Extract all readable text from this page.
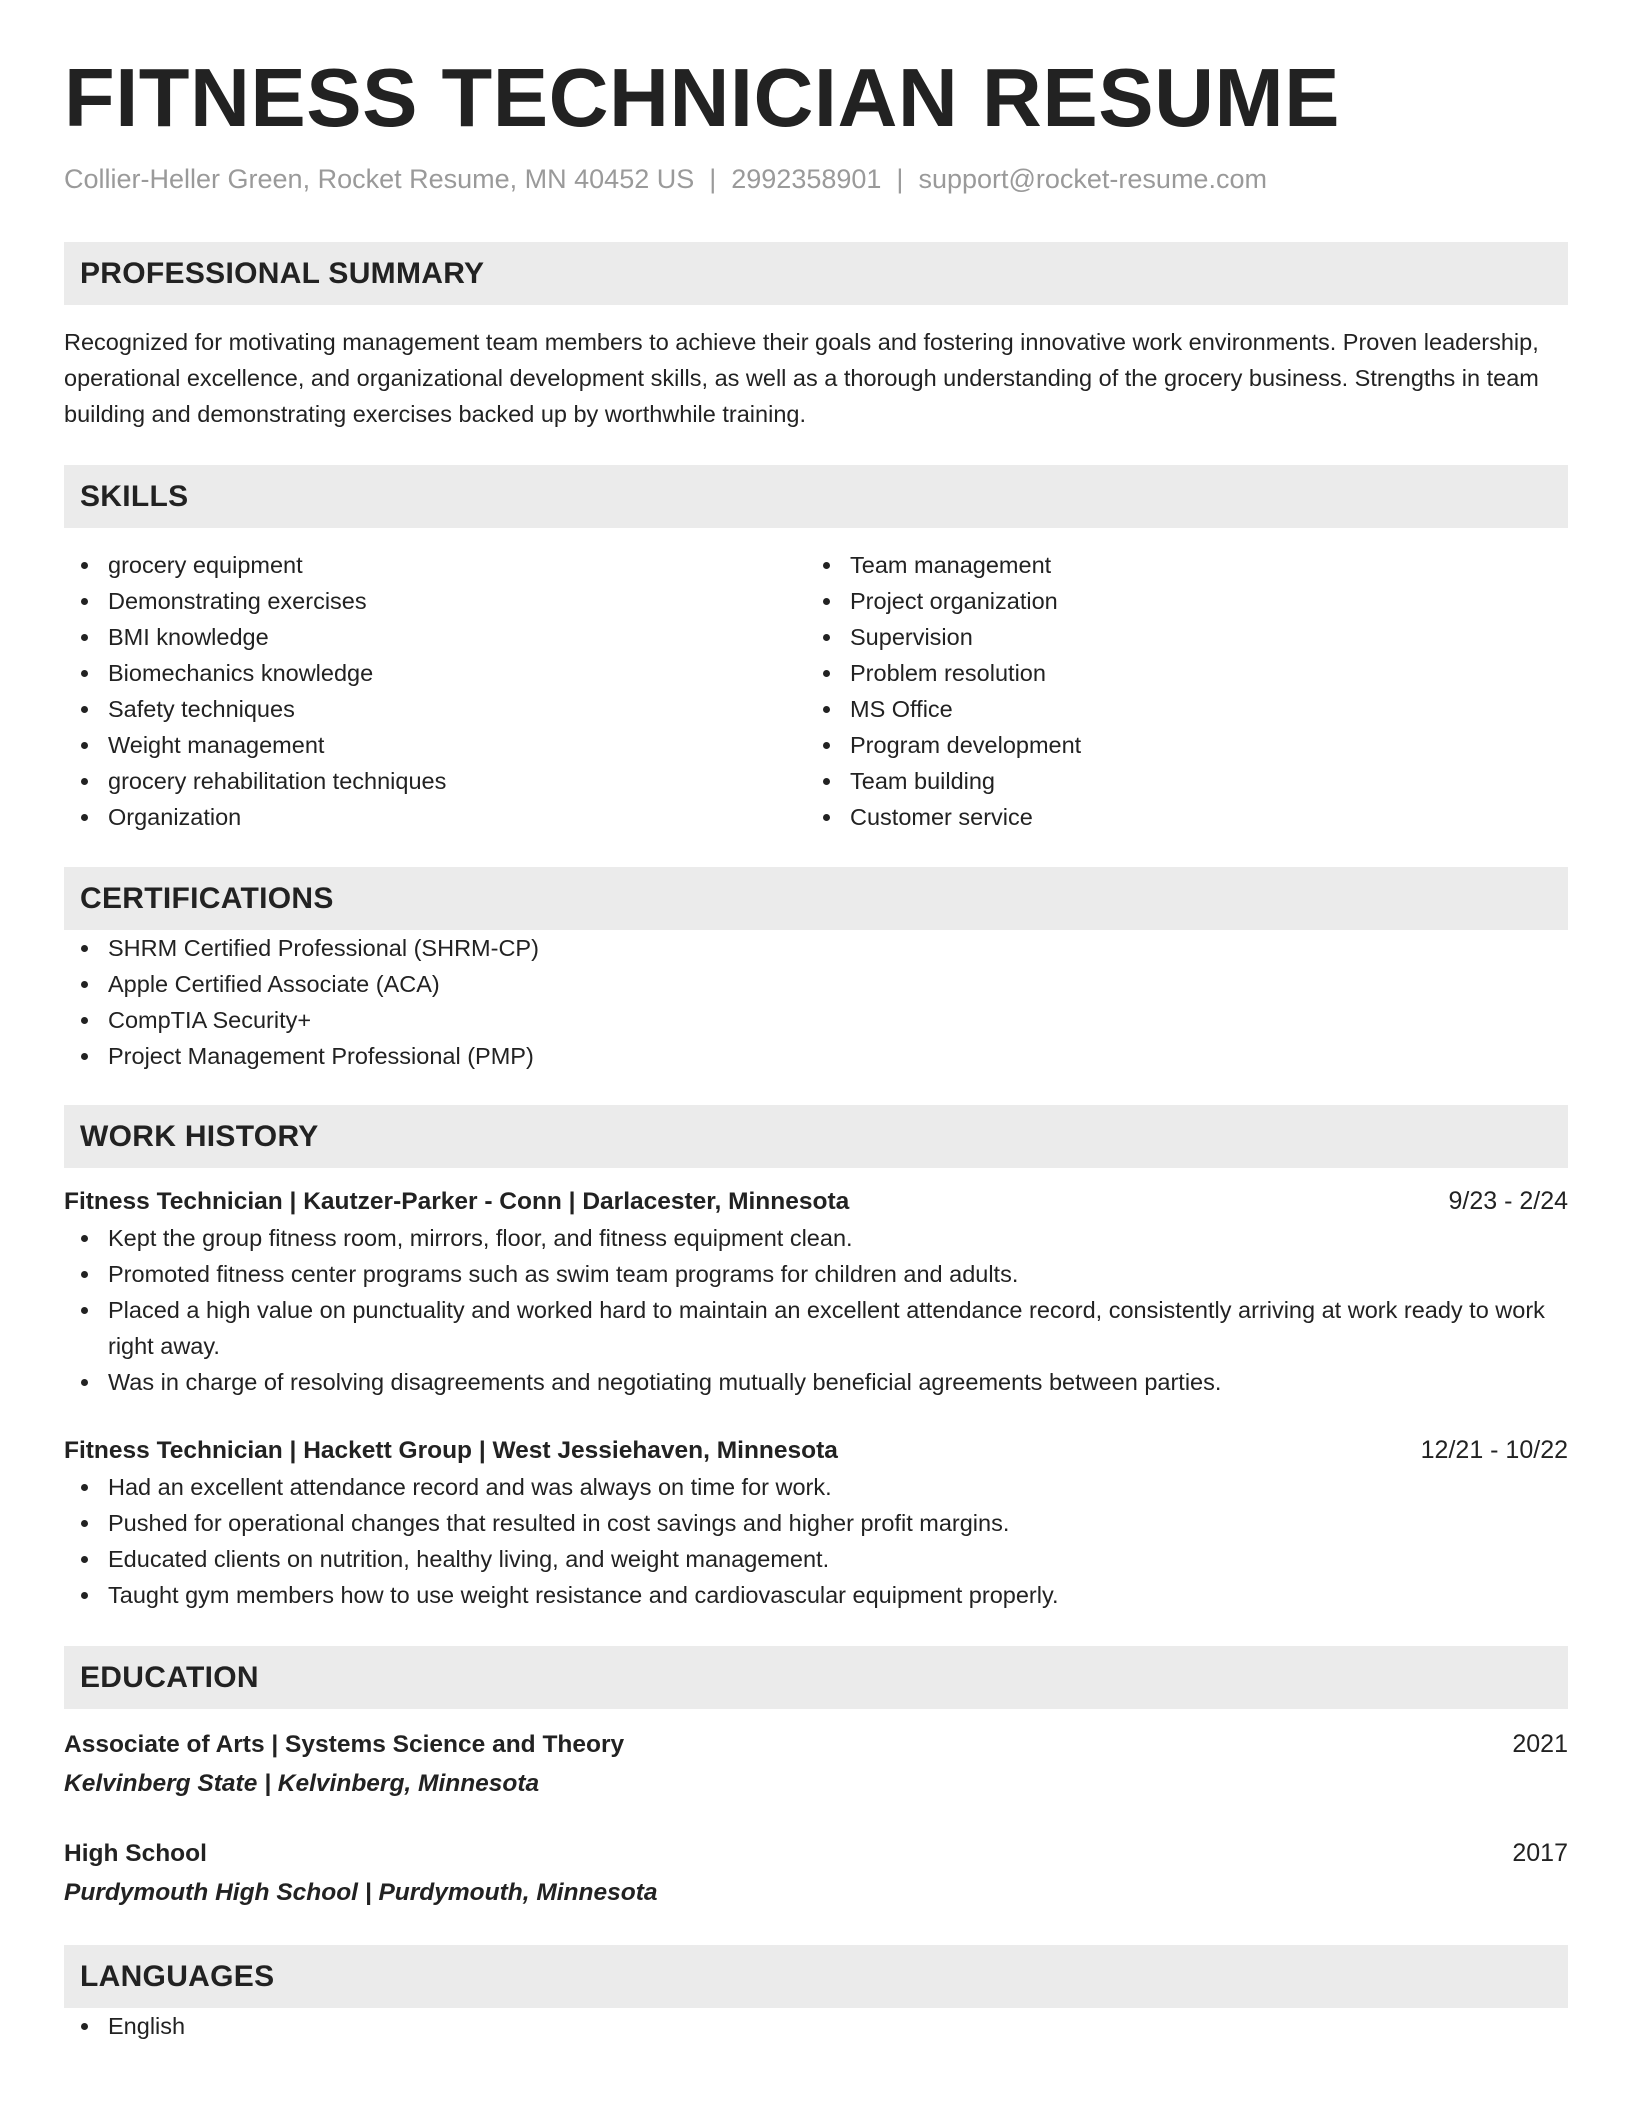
FITNESS TECHNICIAN RESUME
Collier-Heller Green, Rocket Resume, MN 40452 US | 2992358901 | support@rocket-resume.com
PROFESSIONAL SUMMARY
Recognized for motivating management team members to achieve their goals and fostering innovative work environments. Proven leadership, operational excellence, and organizational development skills, as well as a thorough understanding of the grocery business. Strengths in team building and demonstrating exercises backed up by worthwhile training.
SKILLS
grocery equipment
Demonstrating exercises
BMI knowledge
Biomechanics knowledge
Safety techniques
Weight management
grocery rehabilitation techniques
Organization
Team management
Project organization
Supervision
Problem resolution
MS Office
Program development
Team building
Customer service
CERTIFICATIONS
SHRM Certified Professional (SHRM-CP)
Apple Certified Associate (ACA)
CompTIA Security+
Project Management Professional (PMP)
WORK HISTORY
Fitness Technician | Kautzer-Parker - Conn | Darlacester, Minnesota	9/23 - 2/24
Kept the group fitness room, mirrors, floor, and fitness equipment clean.
Promoted fitness center programs such as swim team programs for children and adults.
Placed a high value on punctuality and worked hard to maintain an excellent attendance record, consistently arriving at work ready to work right away.
Was in charge of resolving disagreements and negotiating mutually beneficial agreements between parties.
Fitness Technician | Hackett Group | West Jessiehaven, Minnesota	12/21 - 10/22
Had an excellent attendance record and was always on time for work.
Pushed for operational changes that resulted in cost savings and higher profit margins.
Educated clients on nutrition, healthy living, and weight management.
Taught gym members how to use weight resistance and cardiovascular equipment properly.
EDUCATION
Associate of Arts | Systems Science and Theory	2021
Kelvinberg State | Kelvinberg, Minnesota
High School	2017
Purdymouth High School | Purdymouth, Minnesota
LANGUAGES
English
